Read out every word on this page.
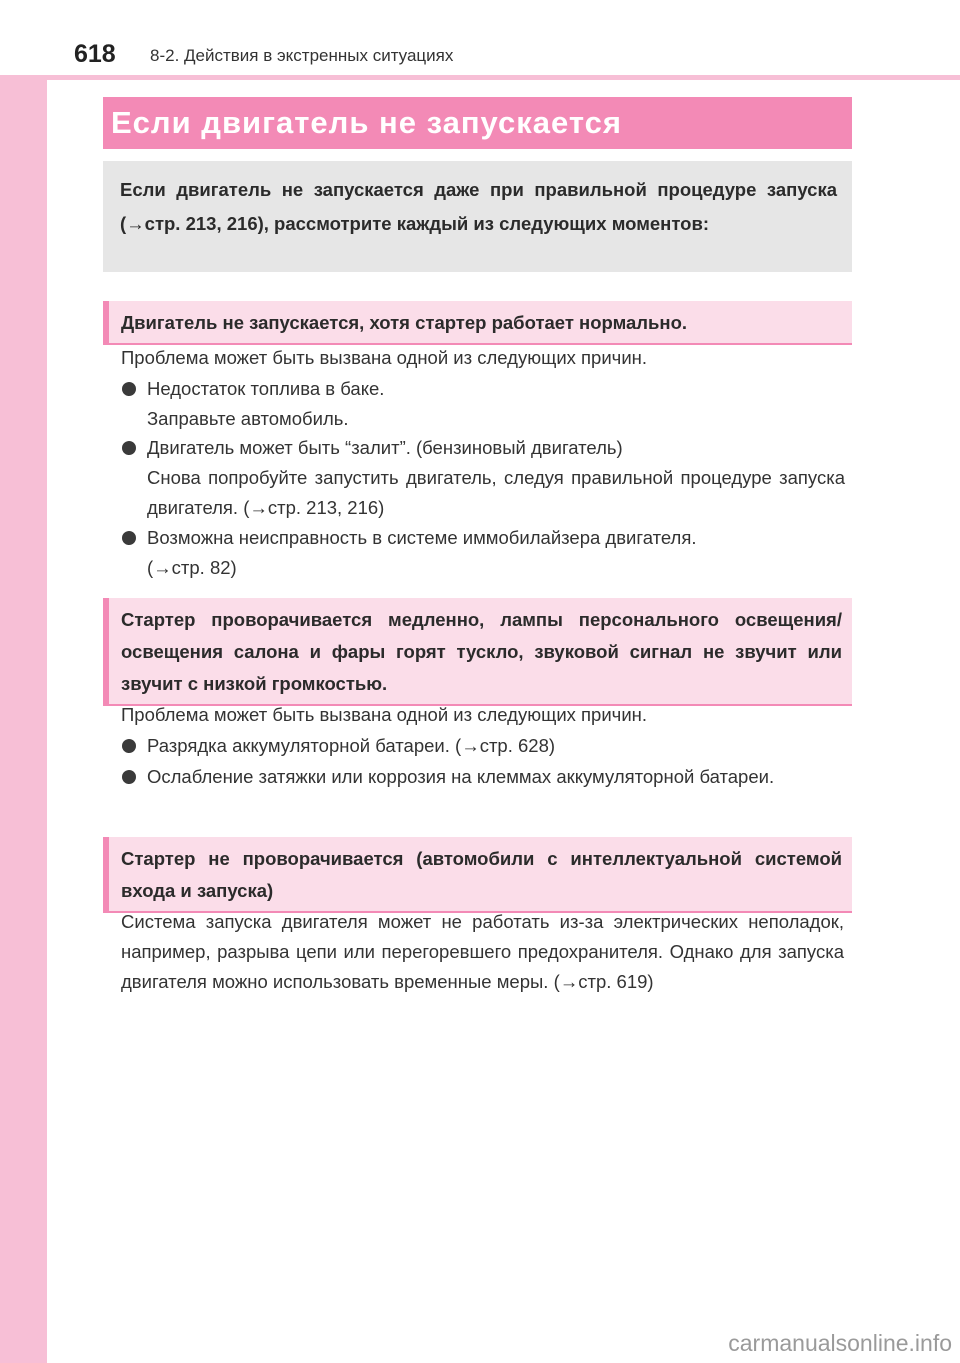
618 8-2. Действия в экстренных ситуациях
Если двигатель не запускается

Если двигатель не запускается даже при правильной процедуре запуска (→стр. 213, 216), рассмотрите каждый из следующих моментов:

Двигатель не запускается, хотя стартер работает нормально.

Проблема может быть вызвана одной из следующих причин.

Недостаток топлива в баке.
Заправьте автомобиль.
Двигатель может быть “залит”. (бензиновый двигатель)
Снова попробуйте запустить двигатель, следуя правильной процедуре запуска двигателя. (→стр. 213, 216)
Возможна неисправность в системе иммобилайзера двигателя.
(→стр. 82)

Стартер проворачивается медленно, лампы персонального освещения/освещения салона и фары горят тускло, звуковой сигнал не звучит или звучит с низкой громкостью.

Проблема может быть вызвана одной из следующих причин.

Разрядка аккумуляторной батареи. (→стр. 628)
Ослабление затяжки или коррозия на клеммах аккумуляторной батареи.

Стартер не проворачивается (автомобили с интеллектуальной системой входа и запуска)

Система запуска двигателя может не работать из-за электрических неполадок, например, разрыва цепи или перегоревшего предохранителя. Однако для запуска двигателя можно использовать временные меры. (→стр. 619)

carmanualsonline.info
